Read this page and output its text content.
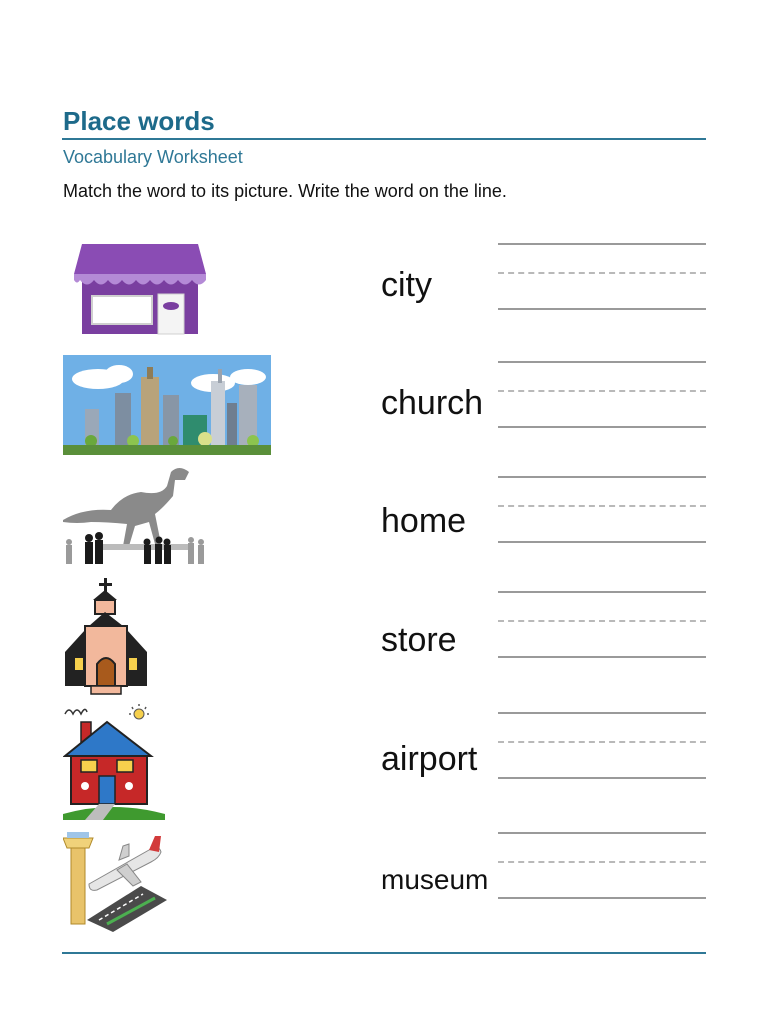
Place words
Vocabulary Worksheet
Match the word to its picture. Write the word on the line.
city
church
home
store
airport
museum
